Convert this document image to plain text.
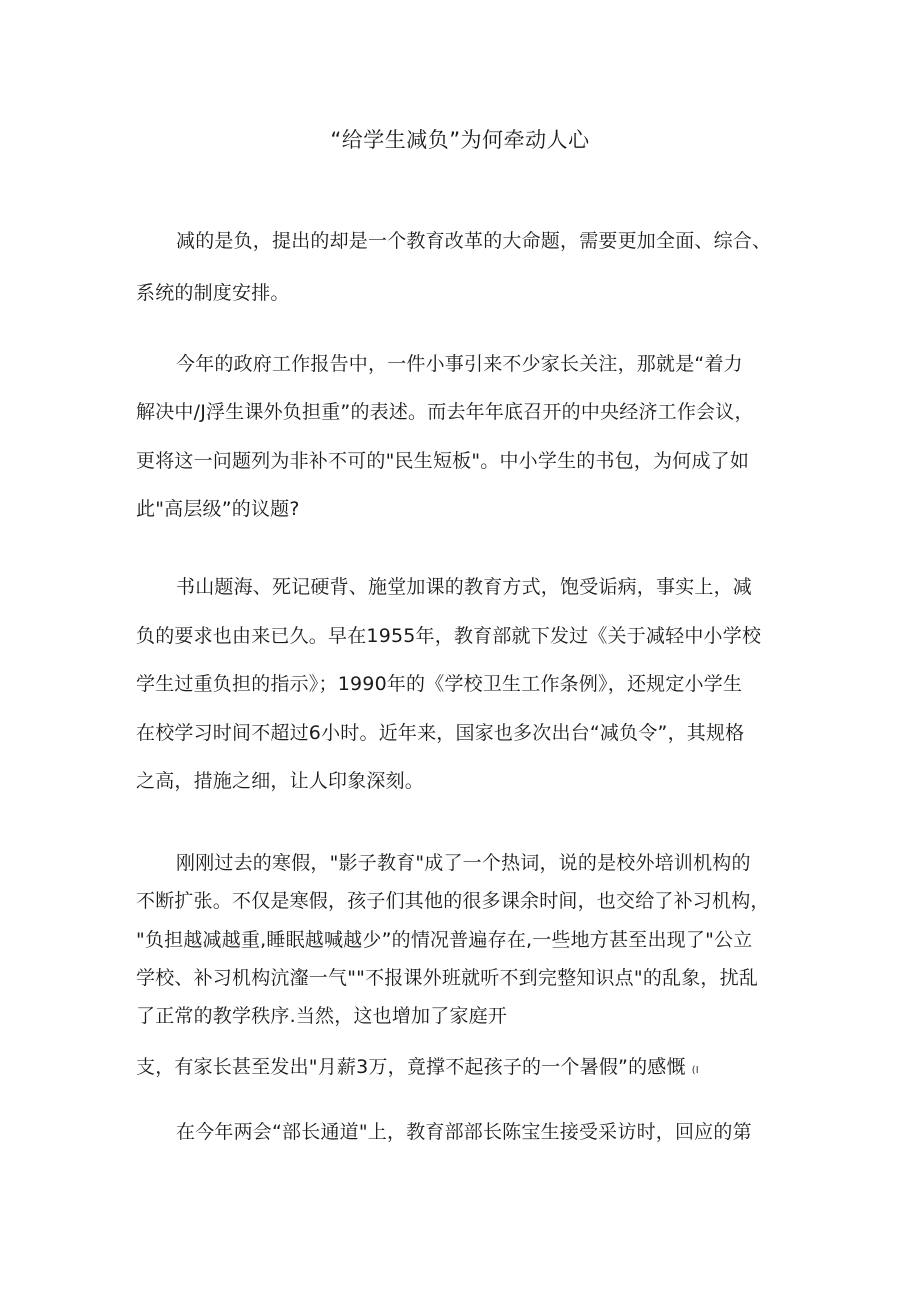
“给学生减负”为何牵动人心

减的是负，提出的却是一个教育改革的大命题，需要更加全面、综合、

系统的制度安排。

今年的政府工作报告中，一件小事引来不少家长关注，那就是“着力

解决中/J浮生课外负担重”的表述。而去年年底召开的中央经济工作会议，

更将这一问题列为非补不可的"民生短板"。中小学生的书包，为何成了如

此"高层级”的议题?

书山题海、死记硬背、施堂加课的教育方式，饱受诟病，事实上，减

负的要求也由来已久。早在1955年，教育部就下发过《关于减轻中小学校

学生过重负担的指示》；1990年的《学校卫生工作条例》，还规定小学生

在校学习时间不超过6小时。近年来，国家也多次出台“减负令”，其规格

之高，措施之细，让人印象深刻。

刚刚过去的寒假，"影子教育"成了一个热词，说的是校外培训机构的

不断扩张。不仅是寒假，孩子们其他的很多课余时间，也交给了补习机构，

"负担越减越重,睡眠越喊越少”的情况普遍存在,一些地方甚至出现了"公立

学校、补习机构沆瀣一气""不报课外班就听不到完整知识点"的乱象，扰乱

了正常的教学秩序.当然，这也增加了家庭开

支，有家长甚至发出"月薪3万，竟撑不起孩子的一个暑假”的感慨 (I

在今年两会“部长通道"上，教育部部长陈宝生接受采访时，回应的第
